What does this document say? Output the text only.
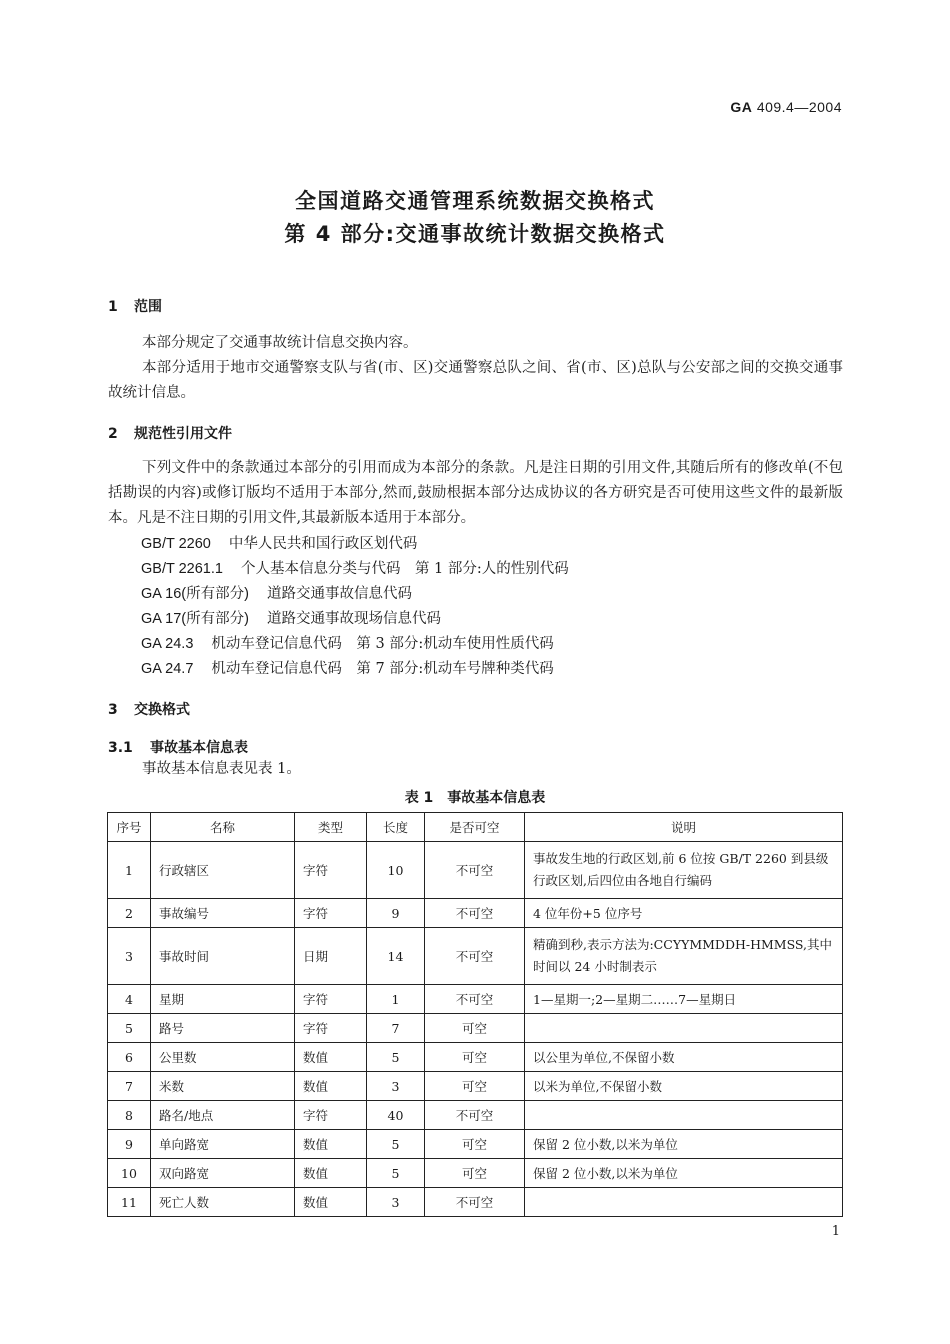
GA 409.4—2004
全国道路交通管理系统数据交换格式
第 4 部分:交通事故统计数据交换格式
1 范围
本部分规定了交通事故统计信息交换内容。
本部分适用于地市交通警察支队与省(市、区)交通警察总队之间、省(市、区)总队与公安部之间的交换交通事故统计信息。
2 规范性引用文件
下列文件中的条款通过本部分的引用而成为本部分的条款。凡是注日期的引用文件,其随后所有的修改单(不包括勘误的内容)或修订版均不适用于本部分,然而,鼓励根据本部分达成协议的各方研究是否可使用这些文件的最新版本。凡是不注日期的引用文件,其最新版本适用于本部分。
GB/T 2260 中华人民共和国行政区划代码
GB/T 2261.1 个人基本信息分类与代码　第 1 部分:人的性别代码
GA 16(所有部分) 道路交通事故信息代码
GA 17(所有部分) 道路交通事故现场信息代码
GA 24.3 机动车登记信息代码　第 3 部分:机动车使用性质代码
GA 24.7 机动车登记信息代码　第 7 部分:机动车号牌种类代码
3 交换格式
3.1 事故基本信息表
事故基本信息表见表 1。
表 1　事故基本信息表
序号	名称	类型	长度	是否可空	说明
1	行政辖区	字符	10	不可空	事故发生地的行政区划,前 6 位按 GB/T 2260 到县级行政区划,后四位由各地自行编码
2	事故编号	字符	9	不可空	4 位年份+5 位序号
3	事故时间	日期	14	不可空	精确到秒,表示方法为:CCYYMMDDH-HMMSS,其中时间以 24 小时制表示
4	星期	字符	1	不可空	1—星期一;2—星期二……7—星期日
5	路号	字符	7	可空	
6	公里数	数值	5	可空	以公里为单位,不保留小数
7	米数	数值	3	可空	以米为单位,不保留小数
8	路名/地点	字符	40	不可空	
9	单向路宽	数值	5	可空	保留 2 位小数,以米为单位
10	双向路宽	数值	5	可空	保留 2 位小数,以米为单位
11	死亡人数	数值	3	不可空	
1
